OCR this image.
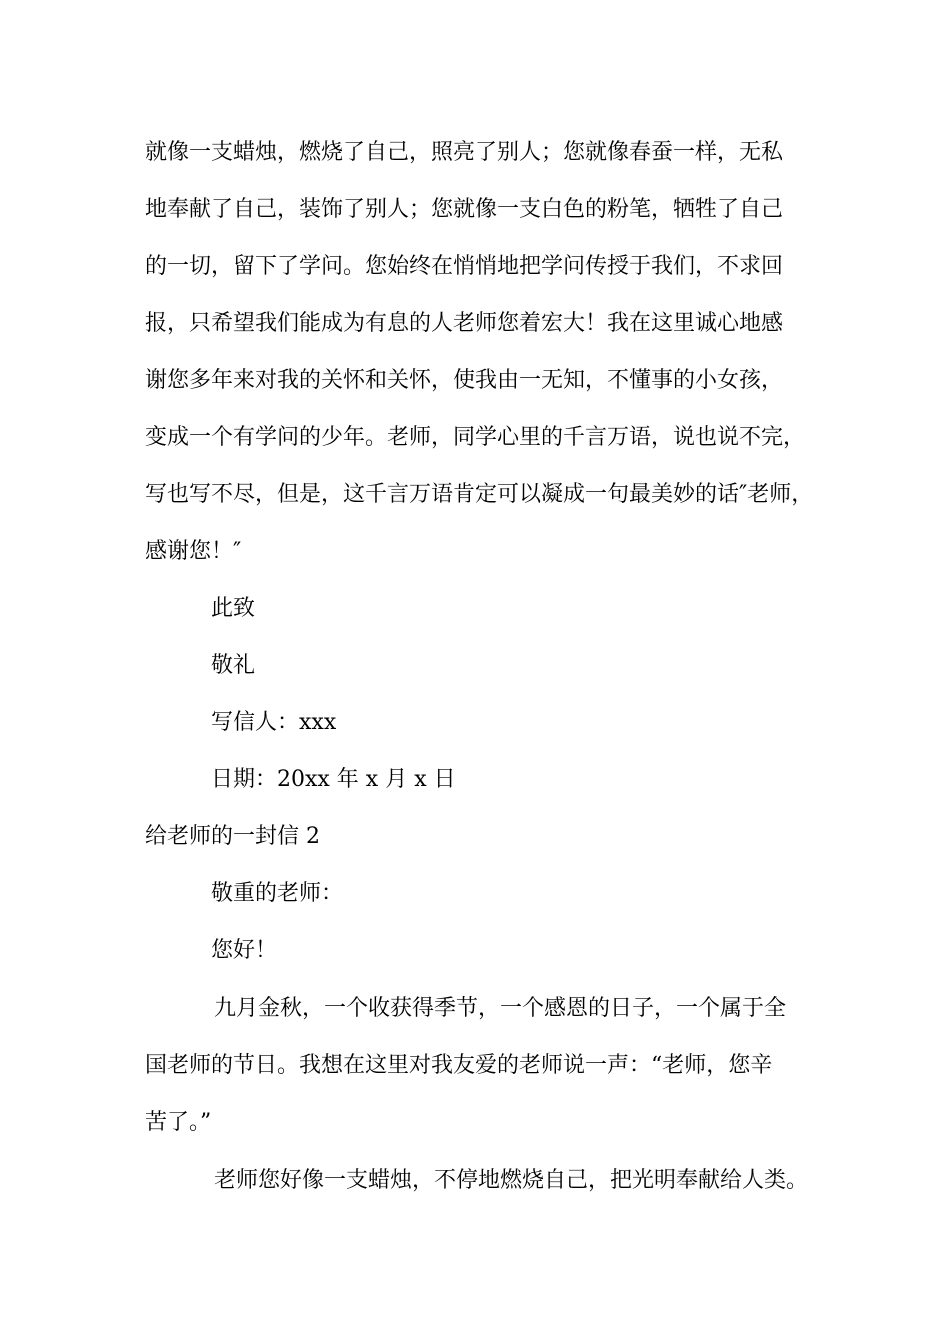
就像一支蜡烛，燃烧了自己，照亮了别人；您就像春蚕一样，无私
地奉献了自己，装饰了别人；您就像一支白色的粉笔，牺牲了自己
的一切，留下了学问。您始终在悄悄地把学问传授于我们，不求回
报，只希望我们能成为有息的人老师您着宏大！我在这里诚心地感
谢您多年来对我的关怀和关怀，使我由一无知，不懂事的小女孩，
变成一个有学问的少年。老师，同学心里的千言万语，说也说不完，
写也写不尽，但是，这千言万语肯定可以凝成一句最美妙的话″老师，
感谢您！″
此致
敬礼
写信人：xxx
日期：20xx 年 x 月 x 日
给老师的一封信 2
敬重的老师：
您好！
九月金秋，一个收获得季节，一个感恩的日子，一个属于全
国老师的节日。我想在这里对我友爱的老师说一声：“老师，您辛
苦了。”
老师您好像一支蜡烛，不停地燃烧自己，把光明奉献给人类。
